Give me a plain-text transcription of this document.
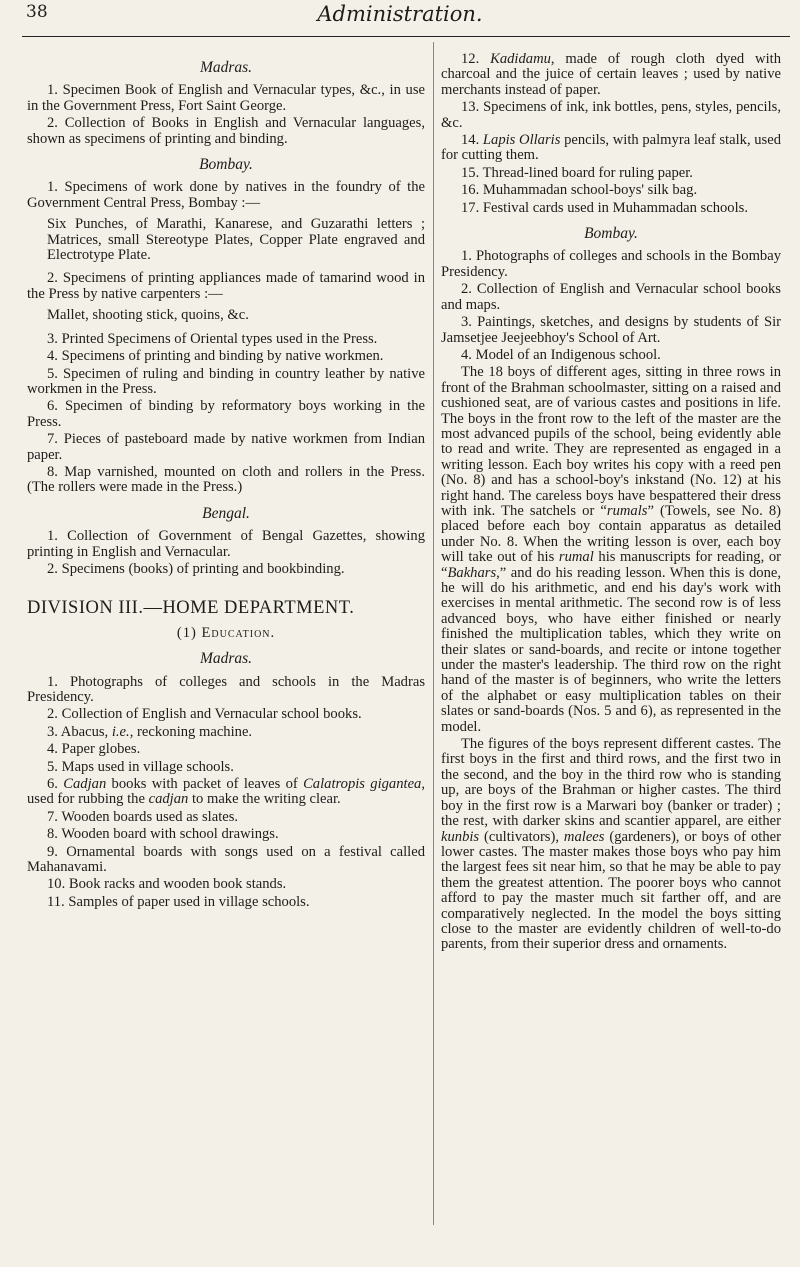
38	Administration.
Madras.

1. Specimen Book of English and Vernacular types, &c., in use in the Government Press, Fort Saint George.

2. Collection of Books in English and Vernacular languages, shown as specimens of printing and binding.

Bombay.

1. Specimens of work done by natives in the foundry of the Government Central Press, Bombay :—

Six Punches, of Marathi, Kanarese, and Guzarathi letters ; Matrices, small Stereotype Plates, Copper Plate engraved and Electrotype Plate.

2. Specimens of printing appliances made of tamarind wood in the Press by native carpenters :—

Mallet, shooting stick, quoins, &c.

3. Printed Specimens of Oriental types used in the Press.

4. Specimens of printing and binding by native workmen.

5. Specimen of ruling and binding in country leather by native workmen in the Press.

6. Specimen of binding by reformatory boys working in the Press.

7. Pieces of pasteboard made by native workmen from Indian paper.

8. Map varnished, mounted on cloth and rollers in the Press. (The rollers were made in the Press.)

Bengal.

1. Collection of Government of Bengal Gazettes, showing printing in English and Vernacular.

2. Specimens (books) of printing and bookbinding.

DIVISION III.—HOME DEPARTMENT.
(1) Education.
Madras.

1. Photographs of colleges and schools in the Madras Presidency.

2. Collection of English and Vernacular school books.

3. Abacus, i.e., reckoning machine.

4. Paper globes.

5. Maps used in village schools.

6. Cadjan books with packet of leaves of Calatropis gigantea, used for rubbing the cadjan to make the writing clear.

7. Wooden boards used as slates.

8. Wooden board with school drawings.

9. Ornamental boards with songs used on a festival called Mahanavami.

10. Book racks and wooden book stands.

11. Samples of paper used in village schools.

12. Kadidamu, made of rough cloth dyed with charcoal and the juice of certain leaves ; used by native merchants instead of paper.

13. Specimens of ink, ink bottles, pens, styles, pencils, &c.

14. Lapis Ollaris pencils, with palmyra leaf stalk, used for cutting them.

15. Thread-lined board for ruling paper.

16. Muhammadan school-boys' silk bag.

17. Festival cards used in Muhammadan schools.

Bombay.

1. Photographs of colleges and schools in the Bombay Presidency.

2. Collection of English and Vernacular school books and maps.

3. Paintings, sketches, and designs by students of Sir Jamsetjee Jeejeebhoy's School of Art.

4. Model of an Indigenous school.

The 18 boys of different ages, sitting in three rows in front of the Brahman schoolmaster, sitting on a raised and cushioned seat, are of various castes and positions in life. The boys in the front row to the left of the master are the most advanced pupils of the school, being evidently able to read and write. They are represented as engaged in a writing lesson. Each boy writes his copy with a reed pen (No. 8) and has a school-boy's inkstand (No. 12) at his right hand. The careless boys have bespattered their dress with ink. The satchels or “rumals” (Towels, see No. 8) placed before each boy contain apparatus as detailed under No. 8. When the writing lesson is over, each boy will take out of his rumal his manuscripts for reading, or “Bakhars,” and do his reading lesson. When this is done, he will do his arithmetic, and end his day's work with exercises in mental arithmetic. The second row is of less advanced boys, who have either finished or nearly finished the multiplication tables, which they write on their slates or sand-boards, and recite or intone together under the master's leadership. The third row on the right hand of the master is of beginners, who write the letters of the alphabet or easy multiplication tables on their slates or sand-boards (Nos. 5 and 6), as represented in the model.

The figures of the boys represent different castes. The first boys in the first and third rows, and the first two in the second, and the boy in the third row who is standing up, are boys of the Brahman or higher castes. The third boy in the first row is a Marwari boy (banker or trader) ; the rest, with darker skins and scantier apparel, are either kunbis (cultivators), malees (gardeners), or boys of other lower castes. The master makes those boys who pay him the largest fees sit near him, so that he may be able to pay them the greatest attention. The poorer boys who cannot afford to pay the master much sit farther off, and are comparatively neglected. In the model the boys sitting close to the master are evidently children of well-to-do parents, from their superior dress and ornaments.
